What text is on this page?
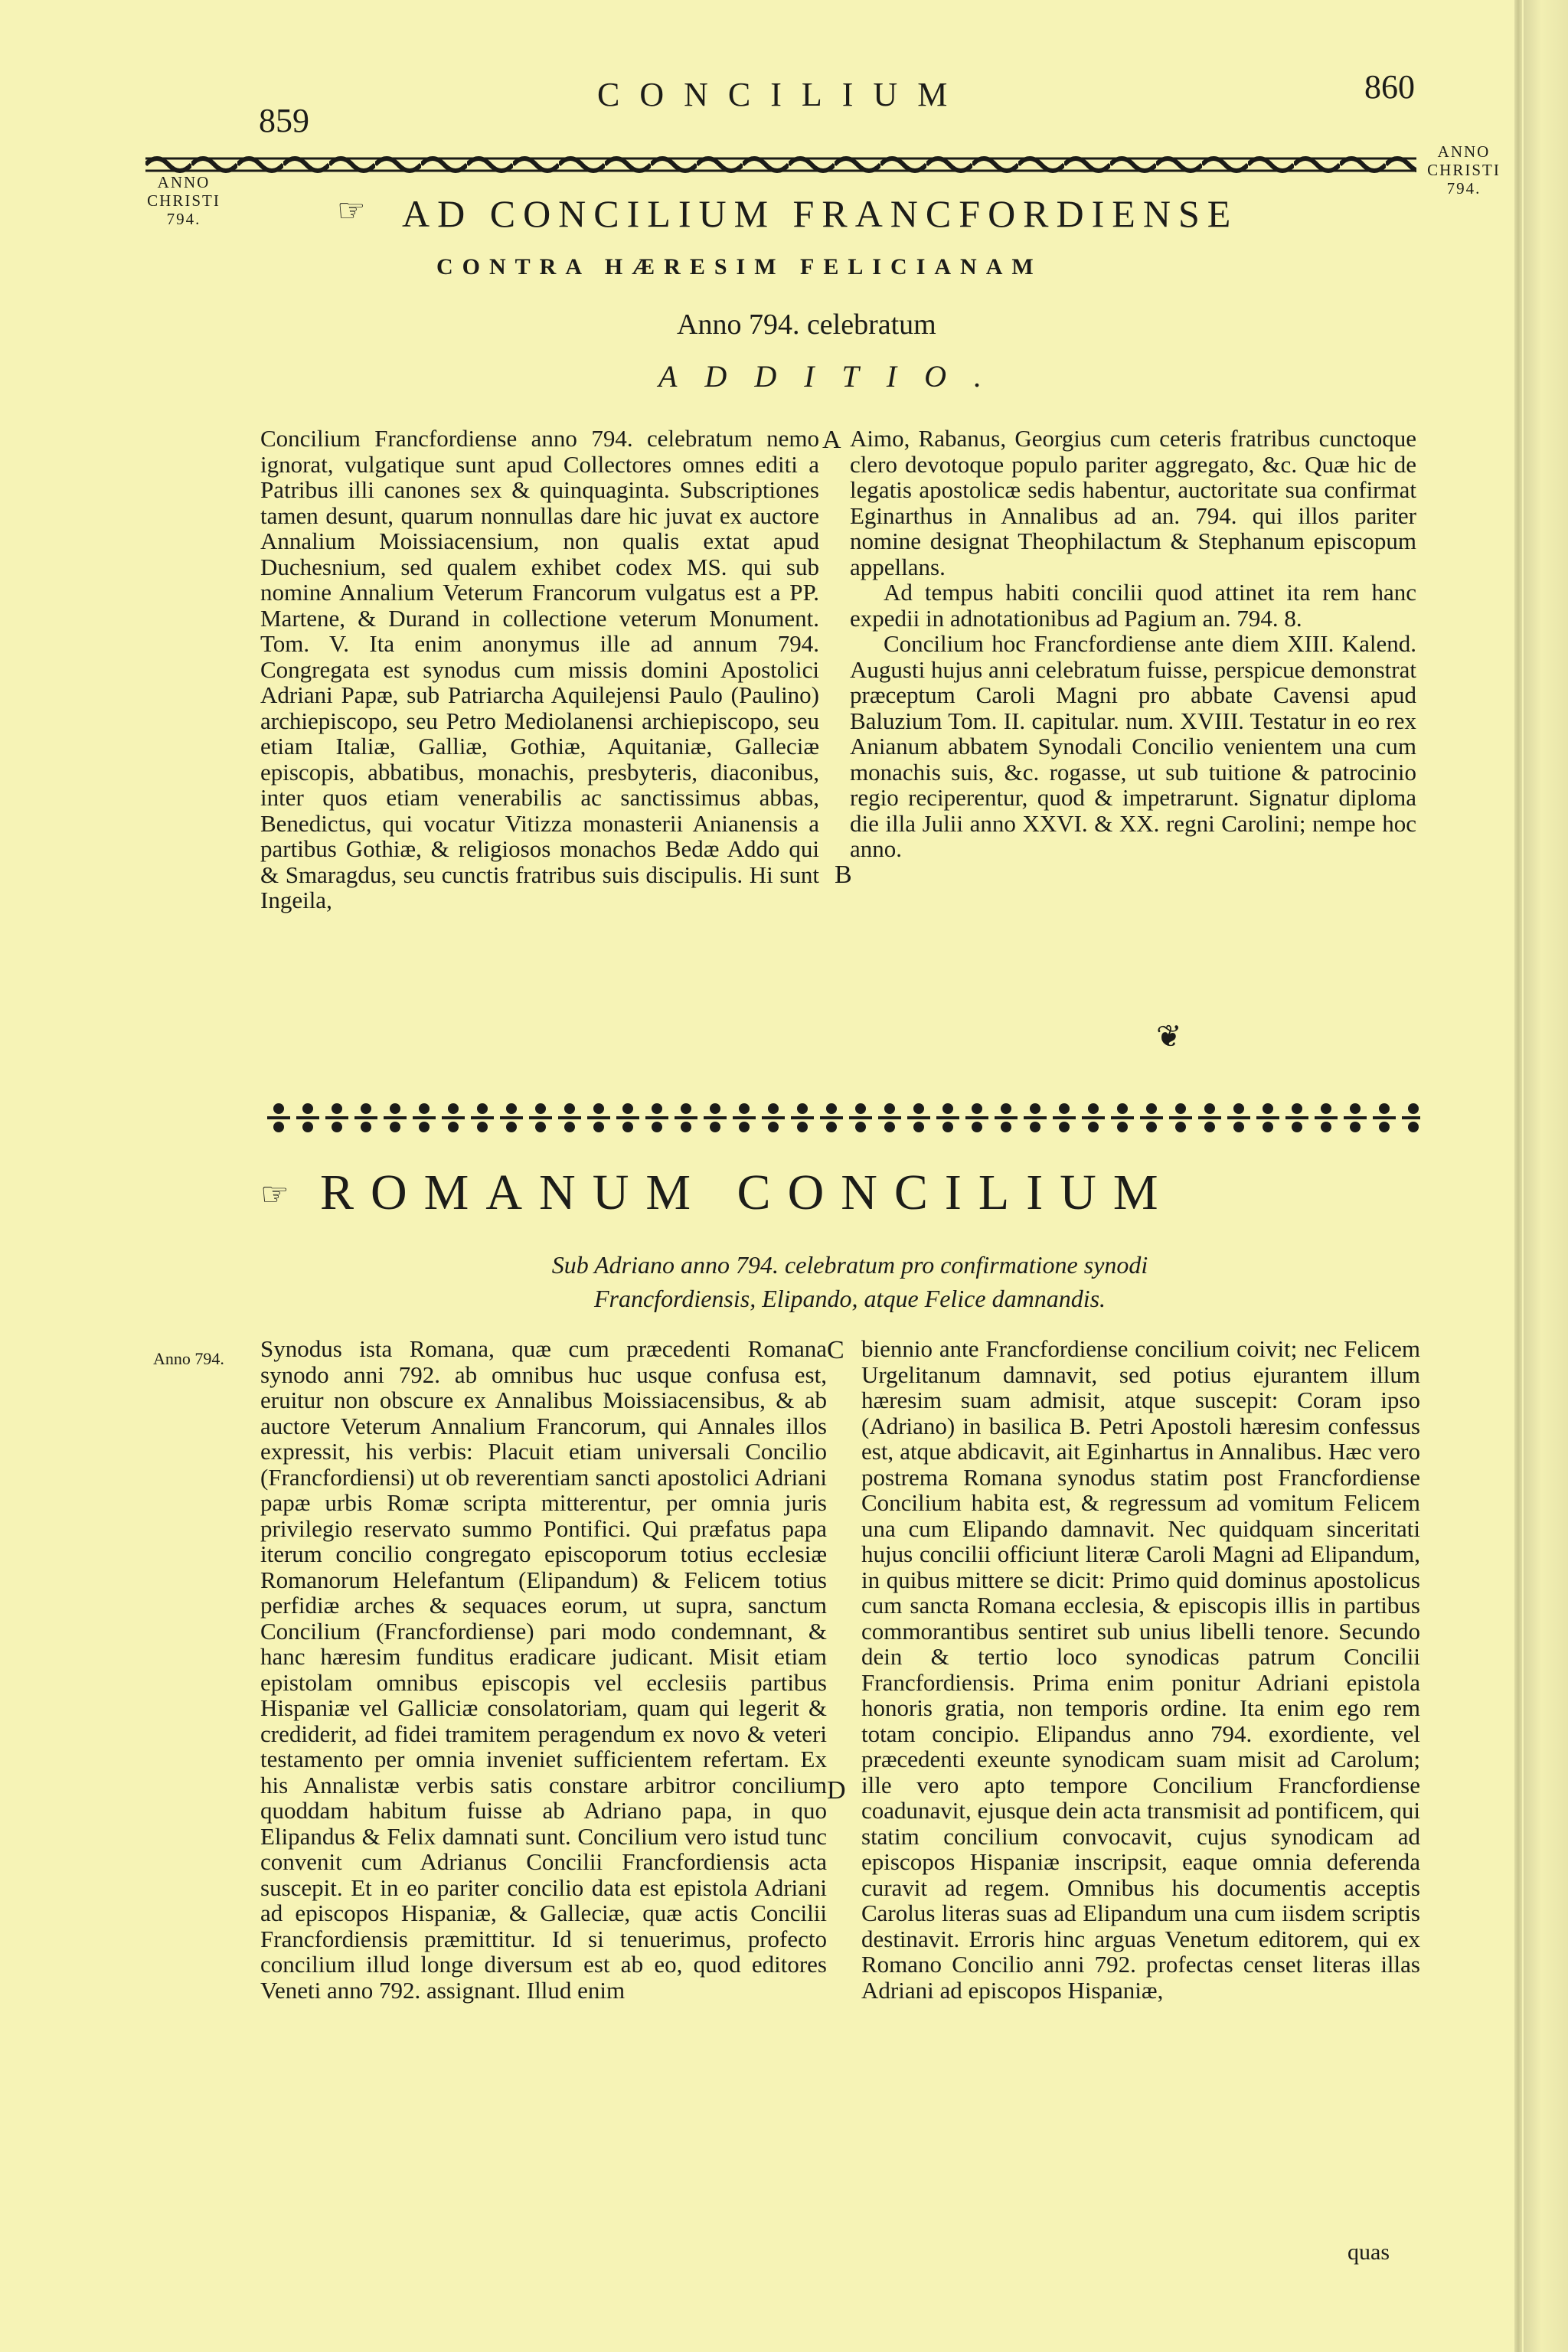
859
CONCILIUM	860
ANNO
CHRISTI
794.
ANNO
CHRISTI
794.
☞ AD CONCILIUM FRANCFORDIENSE
CONTRA HÆRESIM FELICIANAM
Anno 794. celebratum
ADDITIO.

Concilium Francfordiense anno 794. celebratum nemo ignorat, vulgatique sunt apud Collectores omnes editi a Patribus illi canones sex & quinquaginta. Subscriptiones tamen desunt, quarum nonnullas dare hic juvat ex auctore Annalium Moissiacensium, non qualis extat apud Duchesnium, sed qualem exhibet codex MS. qui sub nomine Annalium Veterum Francorum vulgatus est a PP. Martene, & Durand in collectione veterum Monument. Tom. V. Ita enim anonymus ille ad annum 794. Congregata est synodus cum missis domini Apostolici Adriani Papæ, sub Patriarcha Aquilejensi Paulo (Paulino) archiepiscopo, seu Petro Mediolanensi archiepiscopo, seu etiam Italiæ, Galliæ, Gothiæ, Aquitaniæ, Galleciæ episcopis, abbatibus, monachis, presbyteris, diaconibus, inter quos etiam venerabilis ac sanctissimus abbas, Benedictus, qui vocatur Vitizza monasterii Anianensis a partibus Gothiæ, & religiosos monachos Bedæ Addo qui & Smaragdus, seu cunctis fratribus suis discipulis. Hi sunt Ingeila,

A
B

Aimo, Rabanus, Georgius cum ceteris fratribus cunctoque clero devotoque populo pariter aggregato, &c. Quæ hic de legatis apostolicæ sedis habentur, auctoritate sua confirmat Eginarthus in Annalibus ad an. 794. qui illos pariter nomine designat Theophilactum & Stephanum episcopum appellans.

Ad tempus habiti concilii quod attinet ita rem hanc expedii in adnotationibus ad Pagium an. 794. 8.

Concilium hoc Francfordiense ante diem XIII. Kalend. Augusti hujus anni celebratum fuisse, perspicue demonstrat præceptum Caroli Magni pro abbate Cavensi apud Baluzium Tom. II. capitular. num. XVIII. Testatur in eo rex Anianum abbatem Synodali Concilio venientem una cum monachis suis, &c. rogasse, ut sub tuitione & patrocinio regio reciperentur, quod & impetrarunt. Signatur diploma die illa Julii anno XXVI. & XX. regni Carolini; nempe hoc anno.

❦
☞ ROMANUM CONCILIUM
Sub Adriano anno 794. celebratum pro confirmatione synodi
Francfordiensis, Elipando, atque Felice damnandis.
Anno 794. Synodus ista Romana, quæ cum præcedenti Romana synodo anni 792. ab omnibus huc usque confusa est, eruitur non obscure ex Annalibus Moissiacensibus, & ab auctore Veterum Annalium Francorum, qui Annales illos expressit, his verbis: Placuit etiam universali Concilio (Francfordiensi) ut ob reverentiam sancti apostolici Adriani papæ urbis Romæ scripta mitterentur, per omnia juris privilegio reservato summo Pontifici. Qui præfatus papa iterum concilio congregato episcoporum totius ecclesiæ Romanorum Helefantum (Elipandum) & Felicem totius perfidiæ arches & sequaces eorum, ut supra, sanctum Concilium (Francfordiense) pari modo condemnant, & hanc hæresim funditus eradicare judicant. Misit etiam epistolam omnibus episcopis vel ecclesiis partibus Hispaniæ vel Galliciæ consolatoriam, quam qui legerit & crediderit, ad fidei tramitem peragendum ex novo & veteri testamento per omnia inveniet sufficientem refertam. Ex his Annalistæ verbis satis constare arbitror concilium quoddam habitum fuisse ab Adriano papa, in quo Elipandus & Felix damnati sunt. Concilium vero istud tunc convenit cum Adrianus Concilii Francfordiensis acta suscepit. Et in eo pariter concilio data est epistola Adriani ad episcopos Hispaniæ, & Galleciæ, quæ actis Concilii Francfordiensis præmittitur. Id si tenuerimus, profecto concilium illud longe diversum est ab eo, quod editores Veneti anno 792. assignant. Illud enim

C
D

biennio ante Francfordiense concilium coivit; nec Felicem Urgelitanum damnavit, sed potius ejurantem illum hæresim suam admisit, atque suscepit: Coram ipso (Adriano) in basilica B. Petri Apostoli hæresim confessus est, atque abdicavit, ait Eginhartus in Annalibus. Hæc vero postrema Romana synodus statim post Francfordiense Concilium habita est, & regressum ad vomitum Felicem una cum Elipando damnavit. Nec quidquam sinceritati hujus concilii officiunt literæ Caroli Magni ad Elipandum, in quibus mittere se dicit: Primo quid dominus apostolicus cum sancta Romana ecclesia, & episcopis illis in partibus commorantibus sentiret sub unius libelli tenore. Secundo dein & tertio loco synodicas patrum Concilii Francfordiensis. Prima enim ponitur Adriani epistola honoris gratia, non temporis ordine. Ita enim ego rem totam concipio. Elipandus anno 794. exordiente, vel præcedenti exeunte synodicam suam misit ad Carolum; ille vero apto tempore Concilium Francfordiense coadunavit, ejusque dein acta transmisit ad pontificem, qui statim concilium convocavit, cujus synodicam ad episcopos Hispaniæ inscripsit, eaque omnia deferenda curavit ad regem. Omnibus his documentis acceptis Carolus literas suas ad Elipandum una cum iisdem scriptis destinavit. Erroris hinc arguas Venetum editorem, qui ex Romano Concilio anni 792. profectas censet literas illas Adriani ad episcopos Hispaniæ,

quas
